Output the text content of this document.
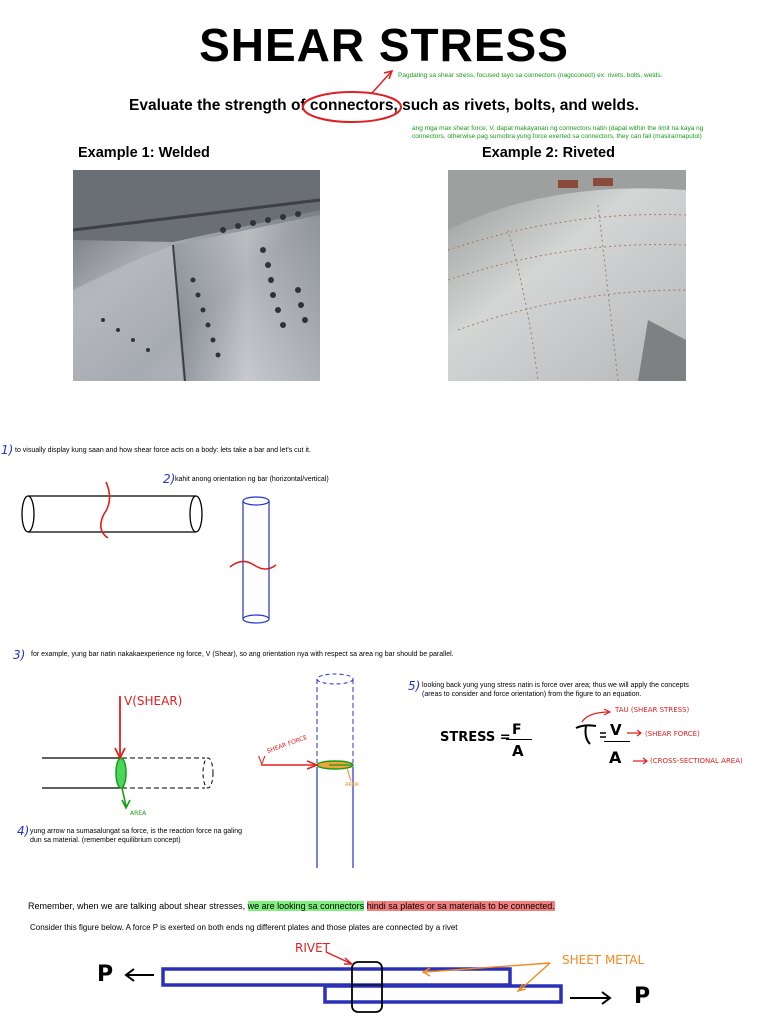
SHEAR STRESS
Pagdating sa shear stress, focused tayo sa connectors (nagcconect) ex: rivets, bolts, welds.
Evaluate the strength of connectors, such as rivets, bolts, and welds.
ang mga max shear force, V, dapat makayanan ng connectors natin (dapat within the limit na kaya ng
connectors, otherwise pag sumobra yung force exerted sa connectors, they can fail (masira/maputol)
Example 1: Welded	Example 2: Riveted
1) to visually display kung saan and how shear force acts on a body: lets take a bar and let's cut it.
2) kahit anong orientation ng bar (horizontal/vertical)
3) for example, yung bar natin nakakaexperience ng force, V (Shear), so ang orientation nya with respect sa area ng bar should be parallel.
V(SHEAR)
AREA
V
SHEAR FORCE
AREA
4) yung arrow na sumasalungat sa force, is the reaction force na galing
dun sa material. (remember equilibrium concept)
5) looking back yung yung stress natin is force over area; thus we will apply the concepts
(areas to consider and force orientation) from the figure to an equation.
STRESS = F
A
V
A
TAU (SHEAR STRESS)
(SHEAR FORCE)
(CROSS-SECTIONAL AREA)
Remember, when we are talking about shear stresses, we are looking sa connectors hindi sa plates or sa materials to be connected.
Consider this figure below. A force P is exerted on both ends ng different plates and those plates are connected by a rivet
RIVET
SHEET METAL
P
P
